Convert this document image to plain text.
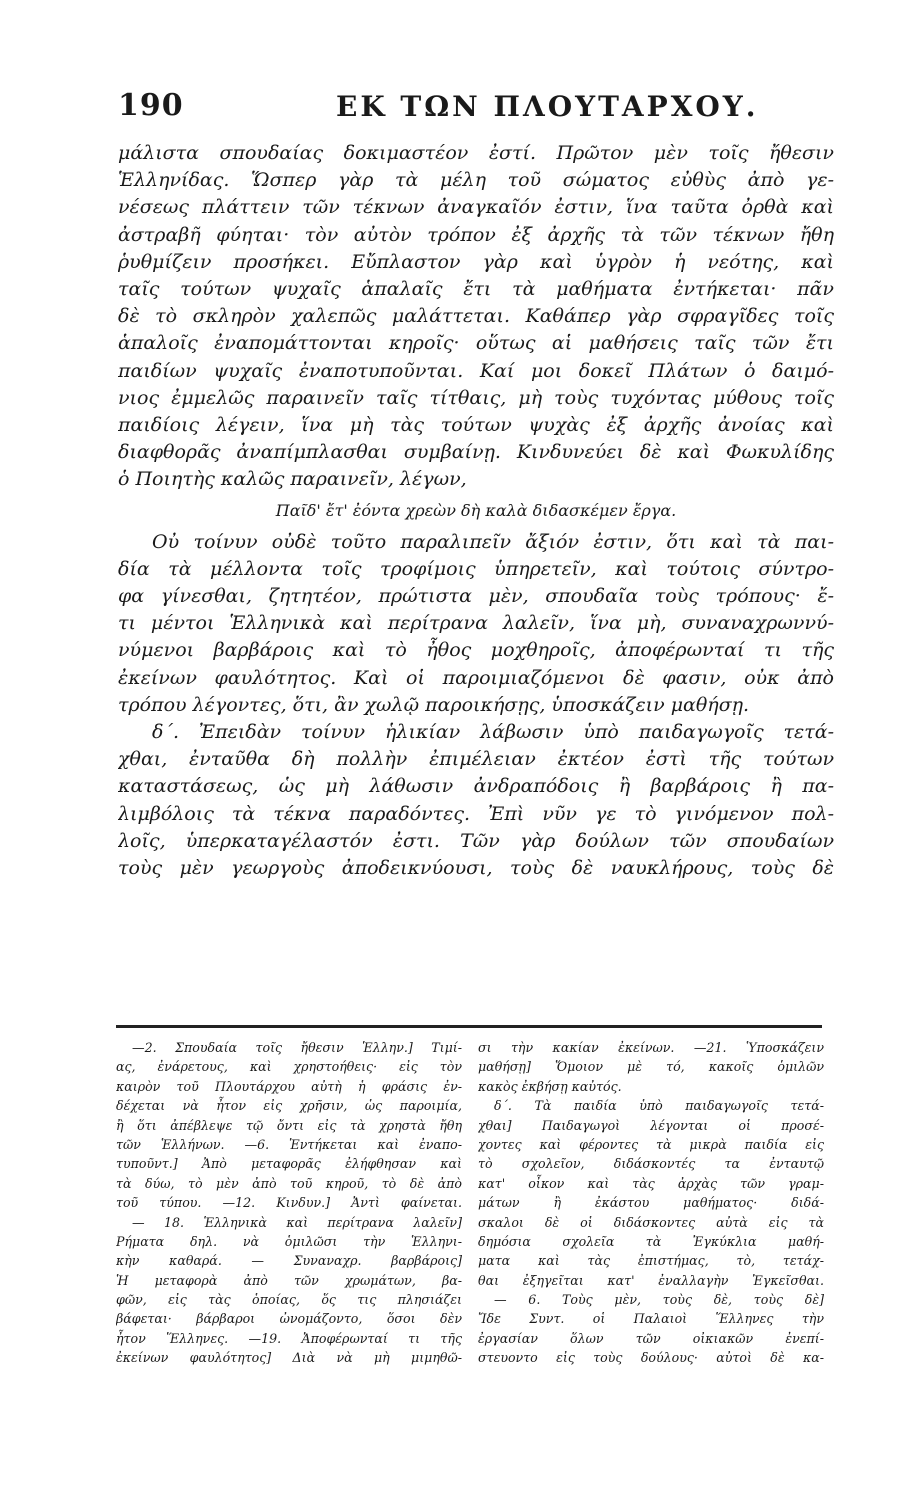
190	ΕΚ ΤΩΝ ΠΛΟΥΤΑΡΧΟΥ.
μάλιστα σπουδαίας δοκιμαστέον ἐστί. Πρῶτον μὲν τοῖς ἤθεσιν
Ἑλληνίδας. Ὥσπερ γὰρ τὰ μέλη τοῦ σώματος εὐθὺς ἀπὸ γε-
νέσεως πλάττειν τῶν τέκνων ἀναγκαῖόν ἐστιν, ἵνα ταῦτα ὀρθὰ καὶ
ἀστραβῆ φύηται· τὸν αὐτὸν τρόπον ἐξ ἀρχῆς τὰ τῶν τέκνων ἤθη
ῥυθμίζειν προσήκει. Εὔπλαστον γὰρ καὶ ὑγρὸν ἡ νεότης, καὶ
ταῖς τούτων ψυχαῖς ἁπαλαῖς ἔτι τὰ μαθήματα ἐντήκεται· πᾶν
δὲ τὸ σκληρὸν χαλεπῶς μαλάττεται. Καθάπερ γὰρ σφραγῖδες τοῖς
ἁπαλοῖς ἐναπομάττονται κηροῖς· οὕτως αἱ μαθήσεις ταῖς τῶν ἔτι
παιδίων ψυχαῖς ἐναποτυποῦνται. Καί μοι δοκεῖ Πλάτων ὁ δαιμό-
νιος ἐμμελῶς παραινεῖν ταῖς τίτθαις, μὴ τοὺς τυχόντας μύθους τοῖς
παιδίοις λέγειν, ἵνα μὴ τὰς τούτων ψυχὰς ἐξ ἀρχῆς ἀνοίας καὶ
διαφθορᾶς ἀναπίμπλασθαι συμβαίνῃ. Κινδυνεύει δὲ καὶ Φωκυλίδης
ὁ Ποιητὴς καλῶς παραινεῖν, λέγων,
Παῖδ' ἔτ' ἐόντα χρεὼν δὴ καλὰ διδασκέμεν ἔργα.
Οὐ τοίνυν οὐδὲ τοῦτο παραλιπεῖν ἄξιόν ἐστιν, ὅτι καὶ τὰ παι-
δία τὰ μέλλοντα τοῖς τροφίμοις ὑπηρετεῖν, καὶ τούτοις σύντρο-
φα γίνεσθαι, ζητητέον, πρώτιστα μὲν, σπουδαῖα τοὺς τρόπους· ἔ-
τι μέντοι Ἑλληνικὰ καὶ περίτρανα λαλεῖν, ἵνα μὴ, συναναχρωννύ-
νύμενοι βαρβάροις καὶ τὸ ἦθος μοχθηροῖς, ἀποφέρωνταί τι τῆς
ἐκείνων φαυλότητος. Καὶ οἱ παροιμιαζόμενοι δὲ φασιν, οὐκ ἀπὸ
τρόπου λέγοντες, ὅτι, ἂν χωλῷ παροικήσῃς, ὑποσκάζειν μαθήσῃ.
δ΄. Ἐπειδὰν τοίνυν ἡλικίαν λάβωσιν ὑπὸ παιδαγωγοῖς τετά-
χθαι, ἐνταῦθα δὴ πολλὴν ἐπιμέλειαν ἐκτέον ἐστὶ τῆς τούτων
καταστάσεως, ὡς μὴ λάθωσιν ἀνδραπόδοις ἢ βαρβάροις ἢ πα-
λιμβόλοις τὰ τέκνα παραδόντες. Ἐπὶ νῦν γε τὸ γινόμενον πολ-
λοῖς, ὑπερκαταγέλαστόν ἐστι. Τῶν γὰρ δούλων τῶν σπουδαίων
τοὺς μὲν γεωργοὺς ἀποδεικνύουσι, τοὺς δὲ ναυκλήρους, τοὺς δὲ
—2. Σπουδαία τοῖς ἤθεσιν Ἑλλην.] Τιμί-
ας, ἐνάρετους, καὶ χρηστοήθεις· εἰς τὸν
καιρὸν τοῦ Πλουτάρχου αὐτὴ ἡ φράσις ἐν-
δέχεται νὰ ἦτον εἰς χρῆσιν, ὡς παροιμία,
ἢ ὅτι ἀπέβλεψε τῷ ὄντι εἰς τὰ χρηστὰ ἤθη
τῶν Ἑλλήνων. —6. Ἐντήκεται καὶ ἐναπο-
τυποῦντ.] Ἀπὸ μεταφορᾶς ἐλήφθησαν καὶ
τὰ δύω, τὸ μὲν ἀπὸ τοῦ κηροῦ, τὸ δὲ ἀπὸ
τοῦ τύπου. —12. Κινδυν.] Ἀντὶ φαίνεται.
— 18. Ἑλληνικὰ καὶ περίτρανα λαλεῖν]
Ρήματα δηλ. νὰ ὁμιλῶσι τὴν Ἑλληνι-
κὴν καθαρά. — Συναναχρ. βαρβάροις]
Ἡ μεταφορὰ ἀπὸ τῶν χρωμάτων, βα-
φῶν, εἰς τὰς ὁποίας, ὅς τις πλησιάζει
βάφεται· βάρβαροι ὠνομάζοντο, ὅσοι δὲν
ἦτον Ἕλληνες. —19. Ἀποφέρωνταί τι τῆς
ἐκείνων φαυλότητος] Διὰ νὰ μὴ μιμηθῶ-
σι τὴν κακίαν ἐκείνων. —21. Ὑποσκάζειν
μαθήσῃ] Ὅμοιον μὲ τό, κακοῖς ὁμιλῶν
κακὸς ἐκβήσῃ καὐτός.
δ΄. Τὰ παιδία ὑπὸ παιδαγωγοῖς τετά-
χθαι] Παιδαγωγοὶ λέγονται οἱ προσέ-
χοντες καὶ φέροντες τὰ μικρὰ παιδία εἰς
τὸ σχολεῖον, διδάσκοντές τα ἐνταυτῷ
κατ' οἶκον καὶ τὰς ἀρχὰς τῶν γραμ-
μάτων ἢ ἐκάστου μαθήματος· διδά-
σκαλοι δὲ οἱ διδάσκοντες αὐτὰ εἰς τὰ
δημόσια σχολεῖα τὰ Ἐγκύκλια μαθή-
ματα καὶ τὰς ἐπιστήμας, τὸ, τετάχ-
θαι ἐξηγεῖται κατ' ἐναλλαγὴν Ἐγκεῖσθαι.
— 6. Τοὺς μὲν, τοὺς δὲ, τοὺς δὲ]
Ἴδε Συντ. οἱ Παλαιοὶ Ἕλληνες τὴν
ἐργασίαν ὅλων τῶν οἰκιακῶν ἐνεπί-
στευοντο εἰς τοὺς δούλους· αὐτοὶ δὲ κα-
